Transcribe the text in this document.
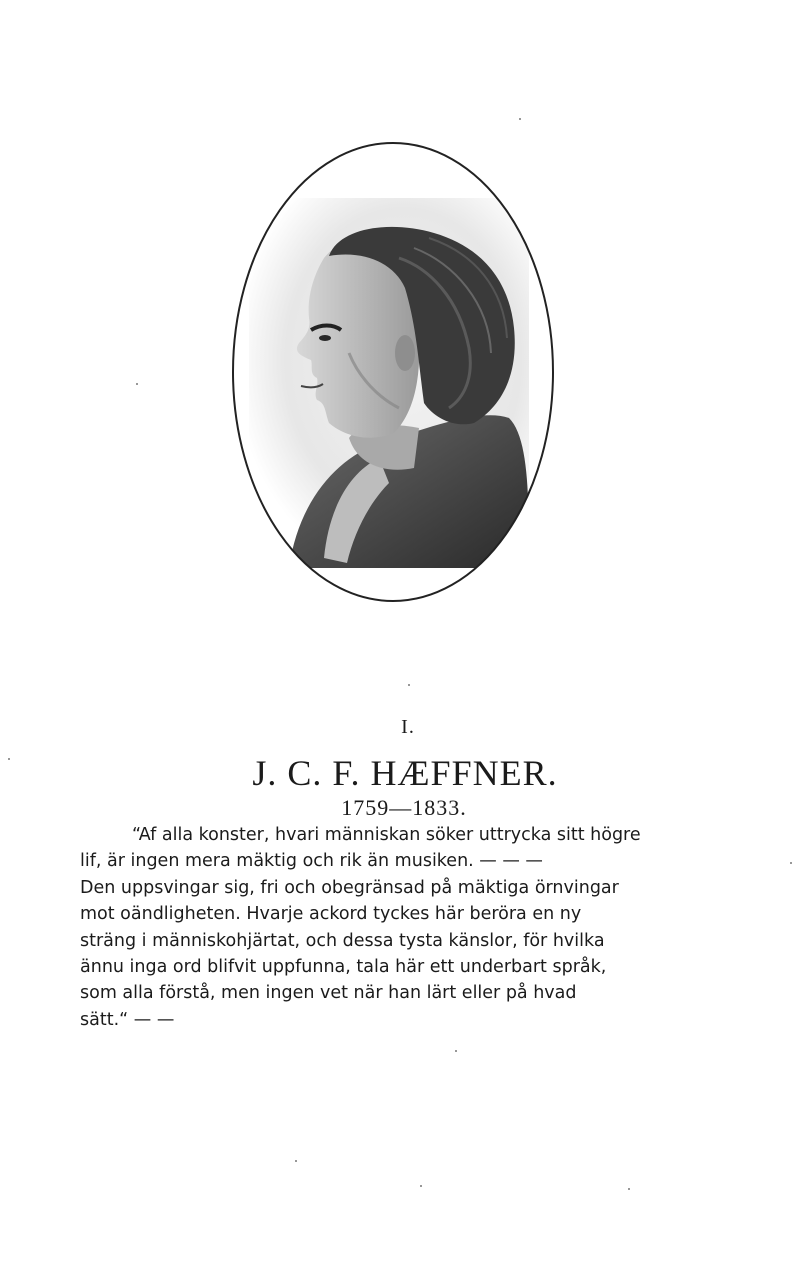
I.
J. C. F. HÆFFNER.
1759—1833.
“Af alla konster, hvari människan söker uttrycka sitt högre
lif, är ingen mera mäktig och rik än musiken. — — —
Den uppsvingar sig, fri och obegränsad på mäktiga örnvingar
mot oändligheten. Hvarje ackord tyckes här beröra en ny
sträng i människohjärtat, och dessa tysta känslor, för hvilka
ännu inga ord blifvit uppfunna, tala här ett underbart språk,
som alla förstå, men ingen vet när han lärt eller på hvad
sätt.“ — —
